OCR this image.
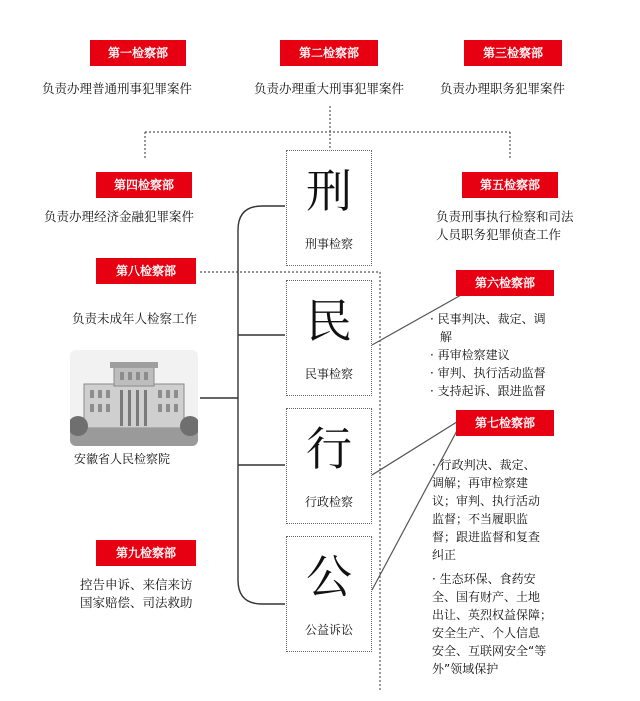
第一检察部	第二检察部	第三检察部
负责办理普通刑事犯罪案件	负责办理重大刑事犯罪案件	负责办理职务犯罪案件
第四检察部
负责办理经济金融犯罪案件
第五检察部
负责刑事执行检察和司法
人员职务犯罪侦查工作
第八检察部
负责未成年人检察工作
安徽省人民检察院
第九检察部
控告申诉、来信来访
国家赔偿、司法救助
刑
刑事检察
民
民事检察
行
行政检察
公
公益诉讼
第六检察部
· 民事判决、裁定、调
解
· 再审检察建议
· 审判、执行活动监督
· 支持起诉、跟进监督
第七检察部
· 行政判决、裁定、
调解；再审检察建
议；审判、执行活动
监督；不当履职监
督；跟进监督和复查
纠正
· 生态环保、食药安
全、国有财产、土地
出让、英烈权益保障；
安全生产、个人信息
安全、互联网安全“等
外”领域保护
